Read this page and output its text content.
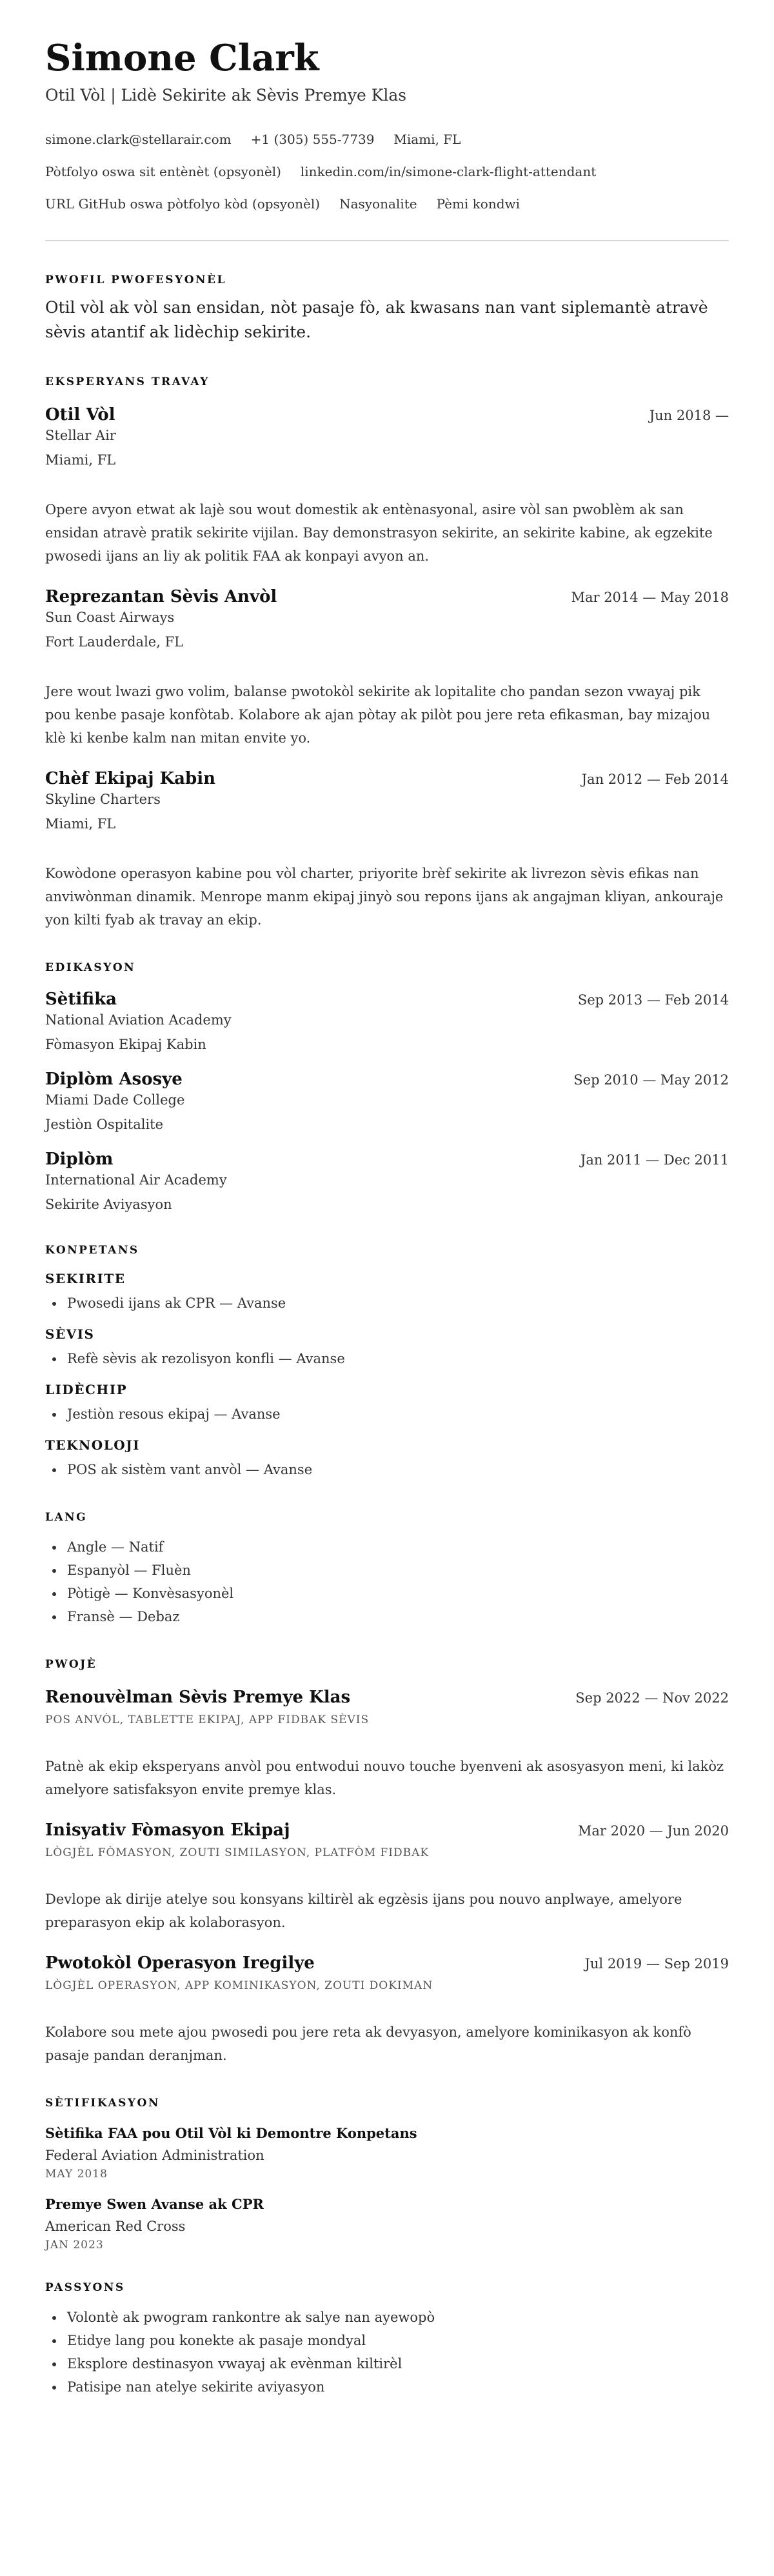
Simone Clark
Otil Vòl | Lidè Sekirite ak Sèvis Premye Klas
simone.clark@stellarair.com +1 (305) 555-7739 Miami, FL
Pòtfolyo oswa sit entènèt (opsyonèl) linkedin.com/in/simone-clark-flight-attendant
URL GitHub oswa pòtfolyo kòd (opsyonèl) Nasyonalite Pèmi kondwi
PWOFIL PWOFESYONÈL
Otil vòl ak vòl san ensidan, nòt pasaje fò, ak kwasans nan vant siplemantè atravè sèvis atantif ak lidèchip sekirite.
EKSPERYANS TRAVAY
Otil Vòl	Jun 2018 —
Stellar Air
Miami, FL
Opere avyon etwat ak lajè sou wout domestik ak entènasyonal, asire vòl san pwoblèm ak san ensidan atravè pratik sekirite vijilan. Bay demonstrasyon sekirite, an sekirite kabine, ak egzekite pwosedi ijans an liy ak politik FAA ak konpayi avyon an.
Reprezantan Sèvis Anvòl	Mar 2014 — May 2018
Sun Coast Airways
Fort Lauderdale, FL
Jere wout lwazi gwo volim, balanse pwotokòl sekirite ak lopitalite cho pandan sezon vwayaj pik pou kenbe pasaje konfòtab. Kolabore ak ajan pòtay ak pilòt pou jere reta efikasman, bay mizajou klè ki kenbe kalm nan mitan envite yo.
Chèf Ekipaj Kabin	Jan 2012 — Feb 2014
Skyline Charters
Miami, FL
Kowòdone operasyon kabine pou vòl charter, priyorite brèf sekirite ak livrezon sèvis efikas nan anviwònman dinamik. Menrope manm ekipaj jinyò sou repons ijans ak angajman kliyan, ankouraje yon kilti fyab ak travay an ekip.
EDIKASYON
Sètifika	Sep 2013 — Feb 2014
National Aviation Academy
Fòmasyon Ekipaj Kabin
Diplòm Asosye	Sep 2010 — May 2012
Miami Dade College
Jestiòn Ospitalite
Diplòm	Jan 2011 — Dec 2011
International Air Academy
Sekirite Aviyasyon
KONPETANS
SEKIRITE
• Pwosedi ijans ak CPR — Avanse
SÈVIS
• Refè sèvis ak rezolisyon konfli — Avanse
LIDÈCHIP
• Jestiòn resous ekipaj — Avanse
TEKNOLOJI
• POS ak sistèm vant anvòl — Avanse
LANG
• Angle — Natif
• Espanyòl — Fluèn
• Pòtigè — Konvèsasyonèl
• Fransè — Debaz
PWOJÈ
Renouvèlman Sèvis Premye Klas	Sep 2022 — Nov 2022
POS ANVÒL, TABLETTE EKIPAJ, APP FIDBAK SÈVIS
Patnè ak ekip eksperyans anvòl pou entwodui nouvo touche byenveni ak asosyasyon meni, ki lakòz amelyore satisfaksyon envite premye klas.
Inisyativ Fòmasyon Ekipaj	Mar 2020 — Jun 2020
LÒGJÈL FÒMASYON, ZOUTI SIMILASYON, PLATFÒM FIDBAK
Devlope ak dirije atelye sou konsyans kiltirèl ak egzèsis ijans pou nouvo anplwaye, amelyore preparasyon ekip ak kolaborasyon.
Pwotokòl Operasyon Iregilye	Jul 2019 — Sep 2019
LÒGJÈL OPERASYON, APP KOMINIKASYON, ZOUTI DOKIMAN
Kolabore sou mete ajou pwosedi pou jere reta ak devyasyon, amelyore kominikasyon ak konfò pasaje pandan deranjman.
SÈTIFIKASYON
Sètifika FAA pou Otil Vòl ki Demontre Konpetans
Federal Aviation Administration
MAY 2018
Premye Swen Avanse ak CPR
American Red Cross
JAN 2023
PASSYONS
• Volontè ak pwogram rankontre ak salye nan ayewopò
• Etidye lang pou konekte ak pasaje mondyal
• Eksplore destinasyon vwayaj ak evènman kiltirèl
• Patisipe nan atelye sekirite aviyasyon
